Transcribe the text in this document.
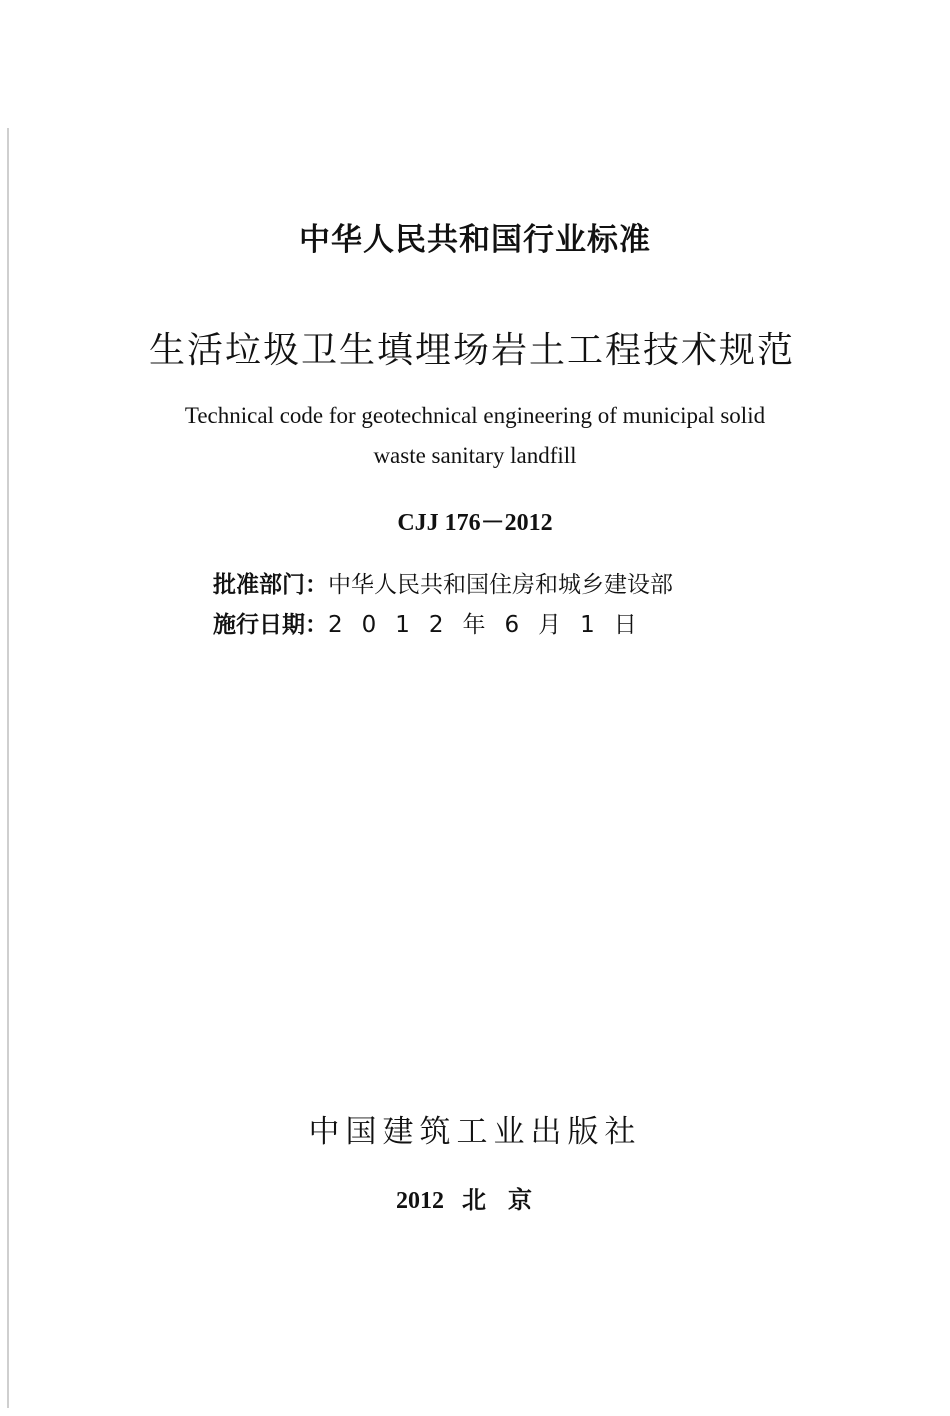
中华人民共和国行业标准
生活垃圾卫生填埋场岩土工程技术规范
Technical code for geotechnical engineering of municipal solid
waste sanitary landfill
CJJ 176－2012
批准部门：中华人民共和国住房和城乡建设部
施行日期：2012年6月1日
中国建筑工业出版社
2012 北京
